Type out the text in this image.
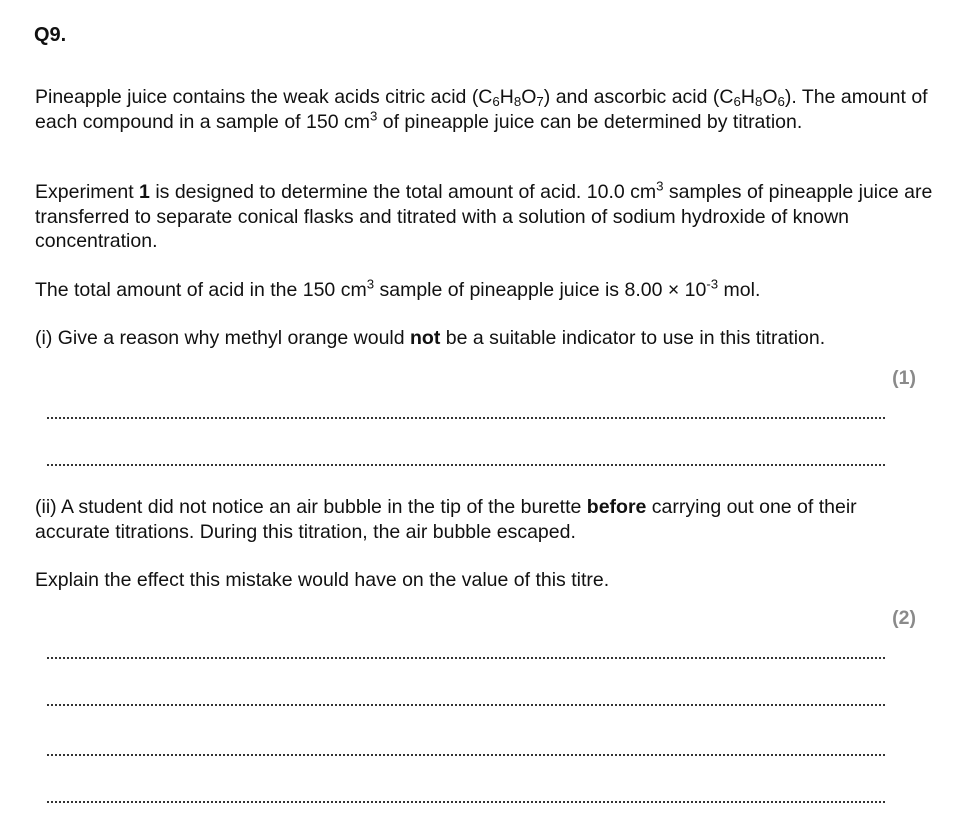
Q9.

Pineapple juice contains the weak acids citric acid $(C_6H_8O_7)$ and ascorbic acid $(C_6H_8O_6)$. The amount of each compound in a sample of 150 $cm^3$ of pineapple juice can be determined by titration.

Experiment 1 is designed to determine the total amount of acid. 10.0 $cm^3$ samples of pineapple juice are transferred to separate conical flasks and titrated with a solution of sodium hydroxide of known concentration.

The total amount of acid in the 150 $cm^3$ sample of pineapple juice is $8.00 \times 10^{-3}$ mol.

(i) Give a reason why methyl orange would not be a suitable indicator to use in this titration.

(1)

(ii) A student did not notice an air bubble in the tip of the burette before carrying out one of their accurate titrations. During this titration, the air bubble escaped.

Explain the effect this mistake would have on the value of this titre.

(2)
